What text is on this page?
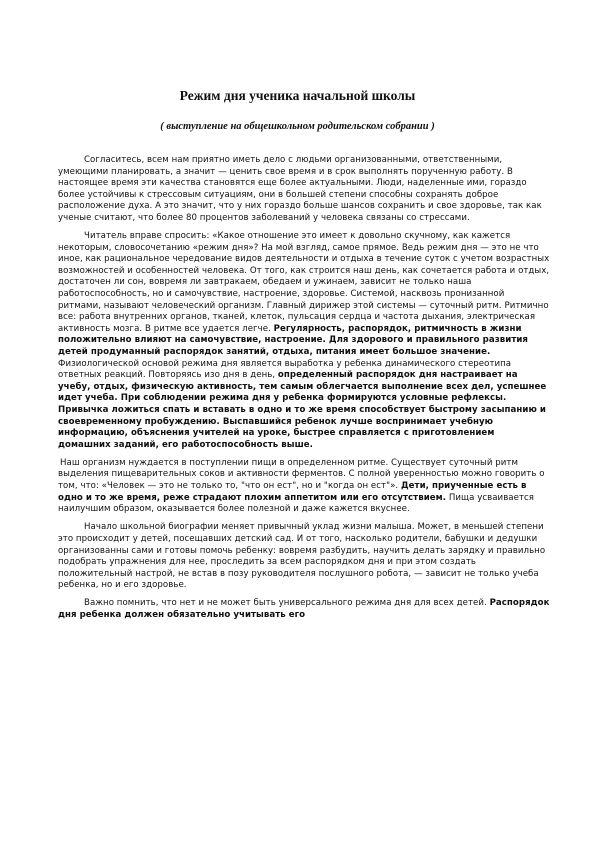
Режим дня ученика начальной школы
( выступление на общешкольном родительском собрании )

Согласитесь, всем нам приятно иметь дело с людьми организованными, ответственными, умеющими планировать, а значит — ценить свое время и в срок выполнять порученную работу. В настоящее время эти качества становятся еще более актуальными. Люди, наделенные ими, гораздо более устойчивы к стрессовым ситуациям, они в большей степени способны сохранять доброе расположение духа. А это значит, что у них гораздо больше шансов сохранить и свое здоровье, так как ученые считают, что более 80 процентов заболеваний у человека связаны со стрессами.

Читатель вправе спросить: «Какое отношение это имеет к довольно скучному, как кажется некоторым, словосочетанию «режим дня»? На мой взгляд, самое прямое. Ведь режим дня — это не что иное, как рациональное чередование видов деятельности и отдыха в течение суток с учетом возрастных возможностей и особенностей человека. От того, как строится наш день, как сочетается работа и отдых, достаточен ли сон, вовремя ли завтракаем, обедаем и ужинаем, зависит не только наша работоспособность, но и самочувствие, настроение, здоровье. Системой, насквозь пронизанной ритмами, называют человеческий организм. Главный дирижер этой системы — суточный ритм. Ритмично все: работа внутренних органов, тканей, клеток, пульсация сердца и частота дыхания, электрическая активность мозга. В ритме все удается легче. Регулярность, распорядок, ритмичность в жизни положительно влияют на самочувствие, настроение. Для здорового и правильного развития детей продуманный распорядок занятий, отдыха, питания имеет большое значение. Физиологической основой режима дня является выработка у ребенка динамического стереотипа ответных реакций. Повторяясь изо дня в день, определенный распорядок дня настраивает на учебу, отдых, физическую активность, тем самым облегчается выполнение всех дел, успешнее идет учеба. При соблюдении режима дня у ребенка формируются условные рефлексы. Привычка ложиться спать и вставать в одно и то же время способствует быстрому засыпанию и своевременному пробуждению. Выспавшийся ребенок лучше воспринимает учебную информацию, объяснения учителей на уроке, быстрее справляется с приготовлением домашних заданий, его работоспособность выше.

Наш организм нуждается в поступлении пищи в определенном ритме. Существует суточный ритм выделения пищеварительных соков и активности ферментов. С полной уверенностью можно говорить о том, что: «Человек — это не только то, "что он ест", но и "когда он ест"». Дети, приученные есть в одно и то же время, реже страдают плохим аппетитом или его отсутствием. Пища усваивается наилучшим образом, оказывается более полезной и даже кажется вкуснее.

Начало школьной биографии меняет привычный уклад жизни малыша. Может, в меньшей степени это происходит у детей, посещавших детский сад. И от того, насколько родители, бабушки и дедушки организованны сами и готовы помочь ребенку: вовремя разбудить, научить делать зарядку и правильно подобрать упражнения для нее, проследить за всем распорядком дня и при этом создать положительный настрой, не встав в позу руководителя послушного робота, — зависит не только учеба ребенка, но и его здоровье.

Важно помнить, что нет и не может быть универсального режима дня для всех детей. Распорядок дня ребенка должен обязательно учитывать его
